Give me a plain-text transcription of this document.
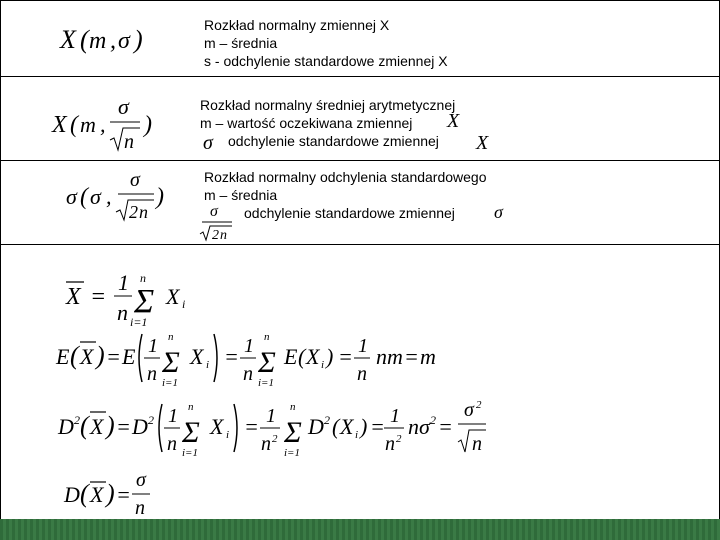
X ( m , σ )	Rozkład normalny zmiennej X
m – średnia
s - odchylenie standardowe zmiennej X
X ( m ,
σ
n
)
Rozkład normalny średniej arytmetycznej
m – wartość oczekiwana zmiennej
odchylenie standardowe zmiennej
X
σ	X
σ ( σ ,
σ
2 n
)
Rozkład normalny odchylenia standardowego
m – średnia
odchylenie standardowe zmiennej
σ
2 n
σ
X =
1
n
n
Σ
i=1
X i
E ( X ) = E 1
n
n
Σ
i=1
X i = 1
n
n
Σ
i=1
E ( X i ) = 1
n
nm = m
D 2 ( X ) = D 2 1
n
n
Σ
i=1
X i = 1
n 2
n
Σ
i=1
D 2 ( X i ) = 1
n 2 nσ 2 =
σ 2
n
D ( X ) =
σ
n
